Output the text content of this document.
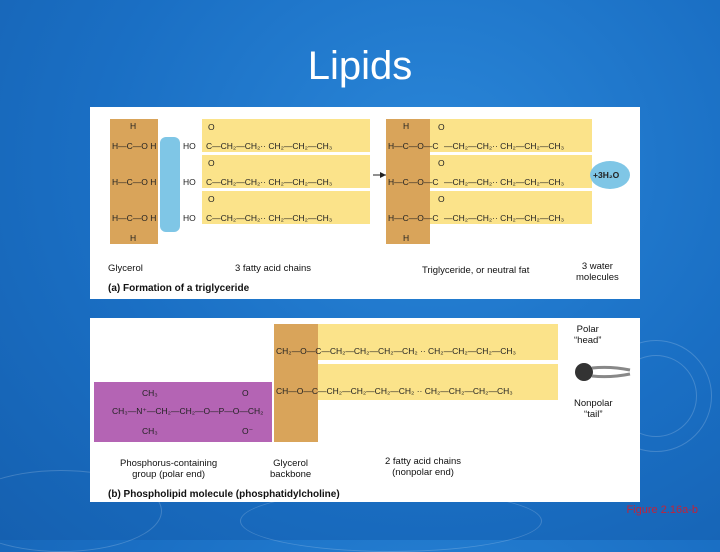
Lipids
H
H—C—O H
H—C—O H
H—C—O H
H
HO
HO
HO
O
C—CH₂—CH₂·· CH₂—CH₂—CH₃
O
C—CH₂—CH₂·· CH₂—CH₂—CH₃
O
C—CH₂—CH₂·· CH₂—CH₂—CH₃
H
H—C—O—C
H—C—O—C
H—C—O—C
H
O
—CH₂—CH₂·· CH₂—CH₂—CH₃
O
—CH₂—CH₂·· CH₂—CH₂—CH₃
O
—CH₂—CH₂·· CH₂—CH₂—CH₃
+3H₂O
Glycerol	3 fatty acid chains	Triglyceride, or neutral fat	3 water
molecules
(a) Formation of a triglyceride
CH₂—O—C—CH₂—CH₂—CH₂—CH₂ ·· CH₂—CH₂—CH₂—CH₃
CH—O—C—CH₂—CH₂—CH₂—CH₂ ·· CH₂—CH₂—CH₂—CH₃
CH₃	O
CH₃—N⁺—CH₂—CH₂—O—P—O—CH₂
CH₃	O⁻
Phosphorus-containing
group (polar end)
Glycerol
backbone
2 fatty acid chains
(nonpolar end)
Polar
“head”
Nonpolar
“tail”
(b) Phospholipid molecule (phosphatidylcholine)
Figure 2.16a-b
